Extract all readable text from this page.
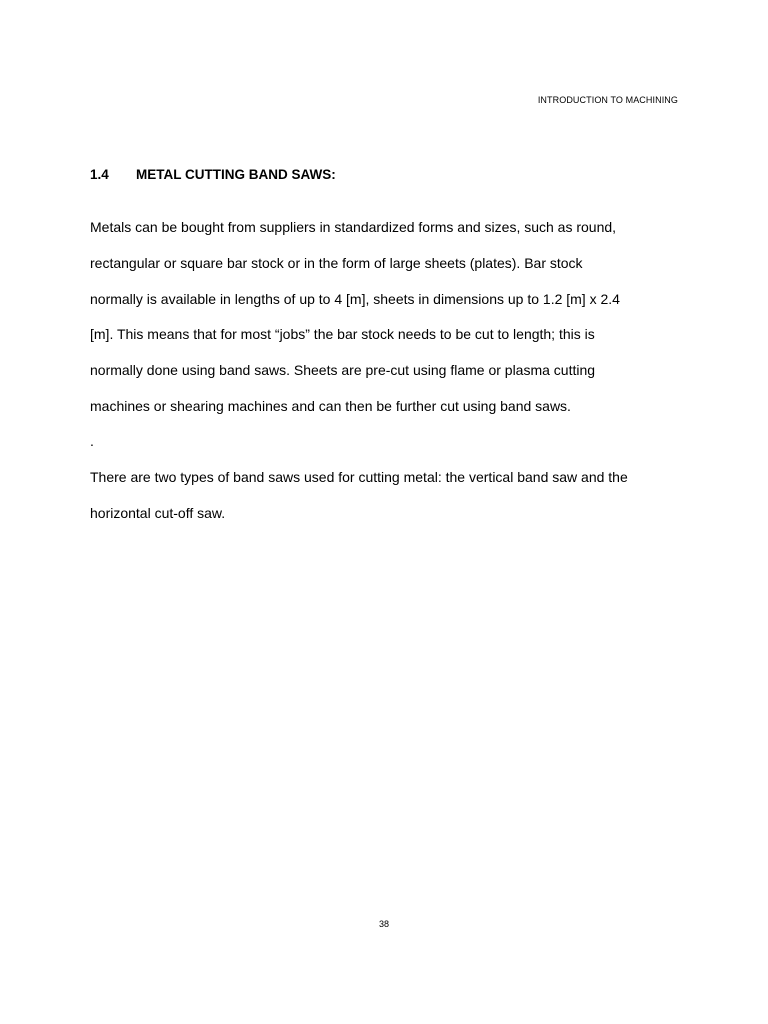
INTRODUCTION TO MACHINING
1.4 METAL CUTTING BAND SAWS:

Metals can be bought from suppliers in standardized forms and sizes, such as round,
rectangular or square bar stock or in the form of large sheets (plates). Bar stock
normally is available in lengths of up to 4 [m], sheets in dimensions up to 1.2 [m] x 2.4
[m]. This means that for most “jobs” the bar stock needs to be cut to length; this is
normally done using band saws. Sheets are pre-cut using flame or plasma cutting
machines or shearing machines and can then be further cut using band saws.

.

There are two types of band saws used for cutting metal: the vertical band saw and the
horizontal cut-off saw.

38
